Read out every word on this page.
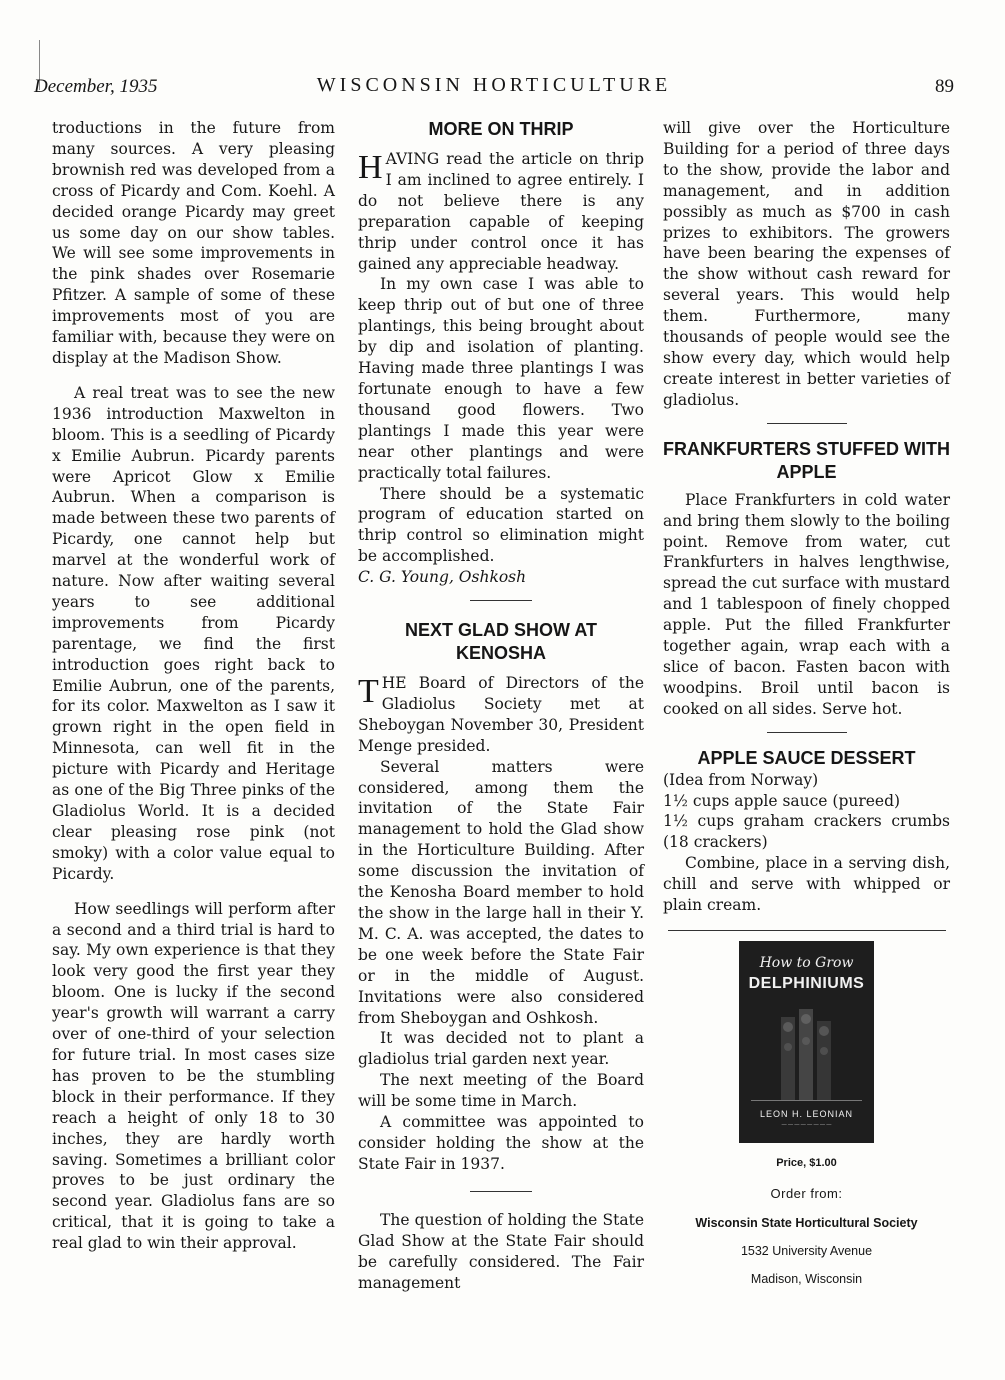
December, 1935	WISCONSIN HORTICULTURE	89

troductions in the future from many sources. A very pleasing brownish red was developed from a cross of Picardy and Com. Koehl. A decided orange Picardy may greet us some day on our show tables. We will see some improvements in the pink shades over Rosemarie Pfitzer. A sample of some of these improvements most of you are familiar with, because they were on display at the Madison Show.

A real treat was to see the new 1936 introduction Maxwelton in bloom. This is a seedling of Picardy x Emilie Aubrun. Picardy parents were Apricot Glow x Emilie Aubrun. When a comparison is made between these two parents of Picardy, one cannot help but marvel at the wonderful work of nature. Now after waiting several years to see additional improvements from Picardy parentage, we find the first introduction goes right back to Emilie Aubrun, one of the parents, for its color. Maxwelton as I saw it grown right in the open field in Minnesota, can well fit in the picture with Picardy and Heritage as one of the Big Three pinks of the Gladiolus World. It is a decided clear pleasing rose pink (not smoky) with a color value equal to Picardy.

How seedlings will perform after a second and a third trial is hard to say. My own experience is that they look very good the first year they bloom. One is lucky if the second year's growth will warrant a carry over of one-third of your selection for future trial. In most cases size has proven to be the stumbling block in their performance. If they reach a height of only 18 to 30 inches, they are hardly worth saving. Sometimes a brilliant color proves to be just ordinary the second year. Gladiolus fans are so critical, that it is going to take a real glad to win their approval.

MORE ON THRIP

HAVING read the article on thrip I am inclined to agree entirely. I do not believe there is any preparation capable of keeping thrip under control once it has gained any appreciable headway.

In my own case I was able to keep thrip out of but one of three plantings, this being brought about by dip and isolation of planting. Having made three plantings I was fortunate enough to have a few thousand good flowers. Two plantings I made this year were near other plantings and were practically total failures.

There should be a systematic program of education started on thrip control so elimination might be accomplished.

C. G. Young, Oshkosh

NEXT GLAD SHOW AT KENOSHA

THE Board of Directors of the Gladiolus Society met at Sheboygan November 30, President Menge presided.

Several matters were considered, among them the invitation of the State Fair management to hold the Glad show in the Horticulture Building. After some discussion the invitation of the Kenosha Board member to hold the show in the large hall in their Y. M. C. A. was accepted, the dates to be one week before the State Fair or in the middle of August. Invitations were also considered from Sheboygan and Oshkosh.

It was decided not to plant a gladiolus trial garden next year.

The next meeting of the Board will be some time in March.

A committee was appointed to consider holding the show at the State Fair in 1937.

The question of holding the State Glad Show at the State Fair should be carefully considered. The Fair management

will give over the Horticulture Building for a period of three days to the show, provide the labor and management, and in addition possibly as much as $700 in cash prizes to exhibitors. The growers have been bearing the expenses of the show without cash reward for several years. This would help them. Furthermore, many thousands of people would see the show every day, which would help create interest in better varieties of gladiolus.

FRANKFURTERS STUFFED WITH APPLE

Place Frankfurters in cold water and bring them slowly to the boiling point. Remove from water, cut Frankfurters in halves lengthwise, spread the cut surface with mustard and 1 tablespoon of finely chopped apple. Put the filled Frankfurter together again, wrap each with a slice of bacon. Fasten bacon with woodpins. Broil until bacon is cooked on all sides. Serve hot.

APPLE SAUCE DESSERT

(Idea from Norway)

1½ cups apple sauce (pureed)

1½ cups graham crackers crumbs (18 crackers)

Combine, place in a serving dish, chill and serve with whipped or plain cream.

How to Grow
DELPHINIUMS
LEON H. LEONIAN
— — — — — — — —
Price, $1.00
Order from:
Wisconsin State Horticultural Society
1532 University Avenue
Madison, Wisconsin
